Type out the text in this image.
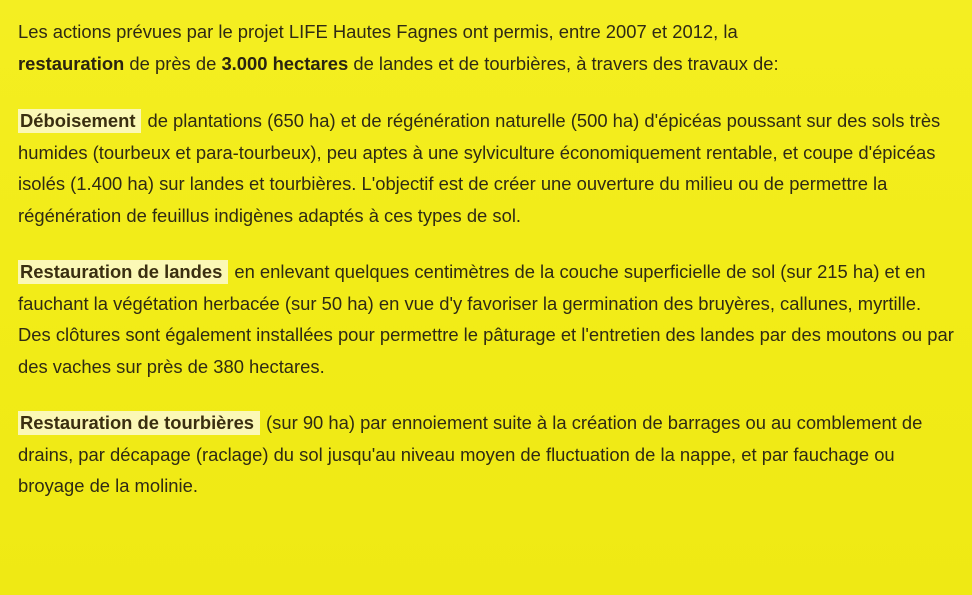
Les actions prévues par le projet LIFE Hautes Fagnes ont permis, entre 2007 et 2012, la
restauration de près de 3.000 hectares de landes et de tourbières, à travers des travaux de:

Déboisement de plantations (650 ha) et de régénération naturelle (500 ha) d'épicéas poussant sur des sols très humides (tourbeux et para-tourbeux), peu aptes à une sylviculture économiquement rentable, et coupe d'épicéas isolés (1.400 ha) sur landes et tourbières. L'objectif est de créer une ouverture du milieu ou de permettre la régénération de feuillus indigènes adaptés à ces types de sol.

Restauration de landes en enlevant quelques centimètres de la couche superficielle de sol (sur 215 ha) et en fauchant la végétation herbacée (sur 50 ha) en vue d'y favoriser la germination des bruyères, callunes, myrtille. Des clôtures sont également installées pour permettre le pâturage et l'entretien des landes par des moutons ou par des vaches sur près de 380 hectares.

Restauration de tourbières (sur 90 ha) par ennoiement suite à la création de barrages ou au comblement de drains, par décapage (raclage) du sol jusqu'au niveau moyen de fluctuation de la nappe, et par fauchage ou broyage de la molinie.
